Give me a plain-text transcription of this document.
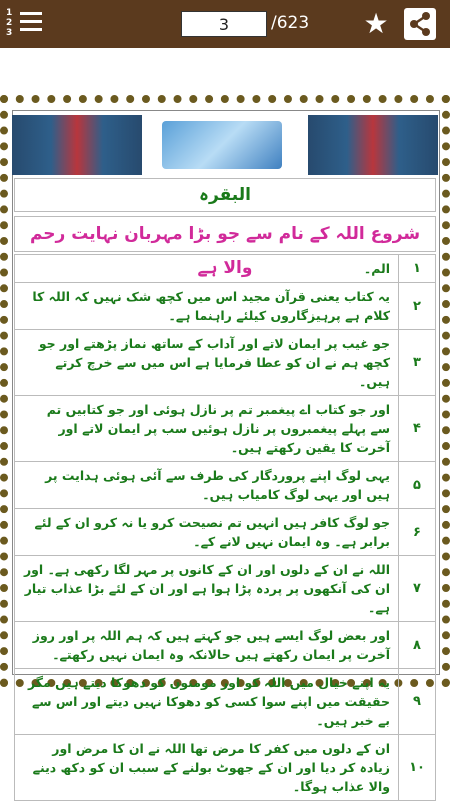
1
2
3
3	/623 ★
البقرہ
شروع اللہ کے نام سے جو بڑا مہربان نہایت رحم والا ہے	الم۔	۱
یہ کتاب یعنی قرآن مجید اس میں کچھ شک نہیں کہ اللہ کا کلام ہے پرہیزگاروں کیلئے راہنما ہے۔	۲
جو غیب پر ایمان لاتے اور آداب کے ساتھ نماز پڑھتے اور جو کچھ ہم نے ان کو عطا فرمایا ہے اس میں سے خرچ کرتے ہیں۔	۳
اور جو کتاب اے پیغمبر تم پر نازل ہوئی اور جو کتابیں تم سے پہلے پیغمبروں پر نازل ہوئیں سب پر ایمان لاتے اور آخرت کا یقین رکھتے ہیں۔	۴
یہی لوگ اپنے پروردگار کی طرف سے آئی ہوئی ہدایت پر ہیں اور یہی لوگ کامیاب ہیں۔	۵
جو لوگ کافر ہیں انہیں تم نصیحت کرو یا نہ کرو ان کے لئے برابر ہے۔ وہ ایمان نہیں لانے کے۔	۶
اللہ نے ان کے دلوں اور ان کے کانوں پر مہر لگا رکھی ہے۔ اور ان کی آنکھوں پر پردہ پڑا ہوا ہے اور ان کے لئے بڑا عذاب تیار ہے۔	۷
اور بعض لوگ ایسے ہیں جو کہتے ہیں کہ ہم اللہ پر اور روز آخرت پر ایمان رکھتے ہیں حالانکہ وہ ایمان نہیں رکھتے۔	۸
یہ اپنے خیال میں اللہ کو اور مومنوں کو دھوکا دیتے ہیں مگر حقیقت میں اپنے سوا کسی کو دھوکا نہیں دیتے اور اس سے بے خبر ہیں۔	۹
ان کے دلوں میں کفر کا مرض تھا اللہ نے ان کا مرض اور زیادہ کر دیا اور ان کے جھوٹ بولنے کے سبب ان کو دکھ دینے والا عذاب ہوگا۔	۱۰
